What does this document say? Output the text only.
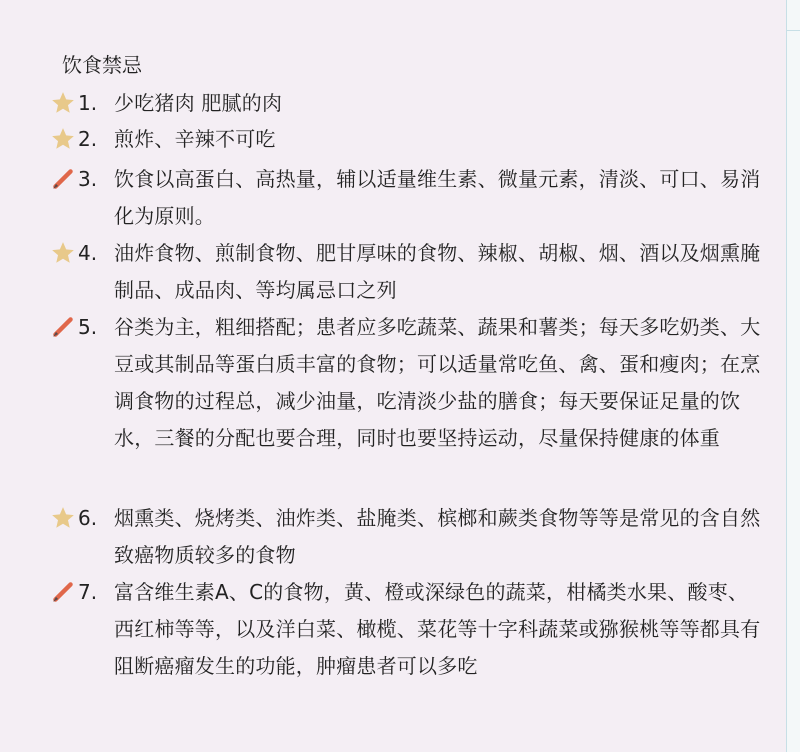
饮食禁忌
1. 少吃猪肉 肥腻的肉
2. 煎炸、辛辣不可吃
3. 饮食以高蛋白、高热量，辅以适量维生素、微量元素，清淡、可口、易消化为原则。
4. 油炸食物、煎制食物、肥甘厚味的食物、辣椒、胡椒、烟、酒以及烟熏腌制品、成品肉、等均属忌口之列
5. 谷类为主，粗细搭配；患者应多吃蔬菜、蔬果和薯类；每天多吃奶类、大豆或其制品等蛋白质丰富的食物；可以适量常吃鱼、禽、蛋和瘦肉；在烹调食物的过程总，减少油量，吃清淡少盐的膳食；每天要保证足量的饮水，三餐的分配也要合理，同时也要坚持运动，尽量保持健康的体重
6. 烟熏类、烧烤类、油炸类、盐腌类、槟榔和蕨类食物等等是常见的含自然致癌物质较多的食物
7. 富含维生素A、C的食物，黄、橙或深绿色的蔬菜，柑橘类水果、酸枣、西红柿等等，以及洋白菜、橄榄、菜花等十字科蔬菜或猕猴桃等等都具有阻断癌瘤发生的功能，肿瘤患者可以多吃
